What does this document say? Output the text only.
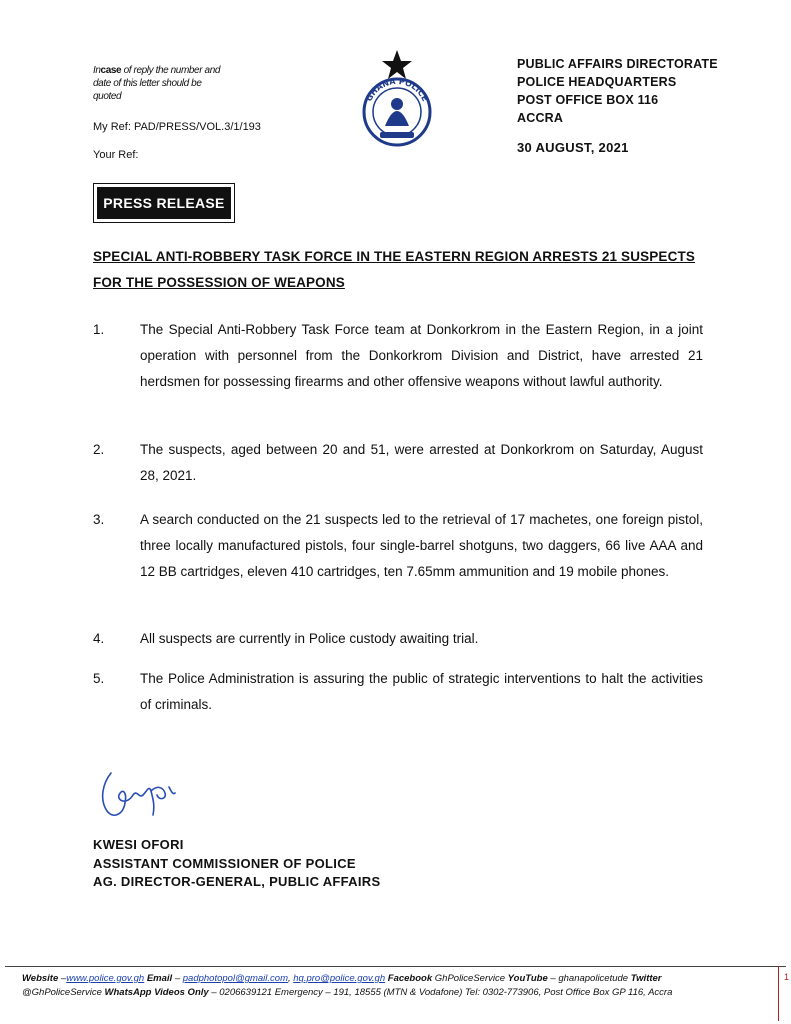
Incase of reply the number and date of this letter should be quoted
My Ref: PAD/PRESS/VOL.3/1/193
Your Ref:
GHANA POLICE
PUBLIC AFFAIRS DIRECTORATE
POLICE HEADQUARTERS
POST OFFICE BOX 116
ACCRA
30 AUGUST, 2021
PRESS RELEASE
SPECIAL ANTI-ROBBERY TASK FORCE IN THE EASTERN REGION ARRESTS 21 SUSPECTS FOR THE POSSESSION OF WEAPONS
1.	The Special Anti-Robbery Task Force team at Donkorkrom in the Eastern Region, in a joint operation with personnel from the Donkorkrom Division and District, have arrested 21 herdsmen for possessing firearms and other offensive weapons without lawful authority.
2.	The suspects, aged between 20 and 51, were arrested at Donkorkrom on Saturday, August 28, 2021.
3.	A search conducted on the 21 suspects led to the retrieval of 17 machetes, one foreign pistol, three locally manufactured pistols, four single-barrel shotguns, two daggers, 66 live AAA and 12 BB cartridges, eleven 410 cartridges, ten 7.65mm ammunition and 19 mobile phones.
4.	All suspects are currently in Police custody awaiting trial.
5.	The Police Administration is assuring the public of strategic interventions to halt the activities of criminals.
KWESI OFORI
ASSISTANT COMMISSIONER OF POLICE
AG. DIRECTOR-GENERAL, PUBLIC AFFAIRS
Website –www.police.gov.gh Email – padphotopol@gmail.com, hq.pro@police.gov.gh Facebook GhPoliceService YouTube – ghanapolicetude Twitter
@GhPoliceService WhatsApp Videos Only – 0206639121 Emergency – 191, 18555 (MTN & Vodafone) Tel: 0302-773906, Post Office Box GP 116, Accra
1
